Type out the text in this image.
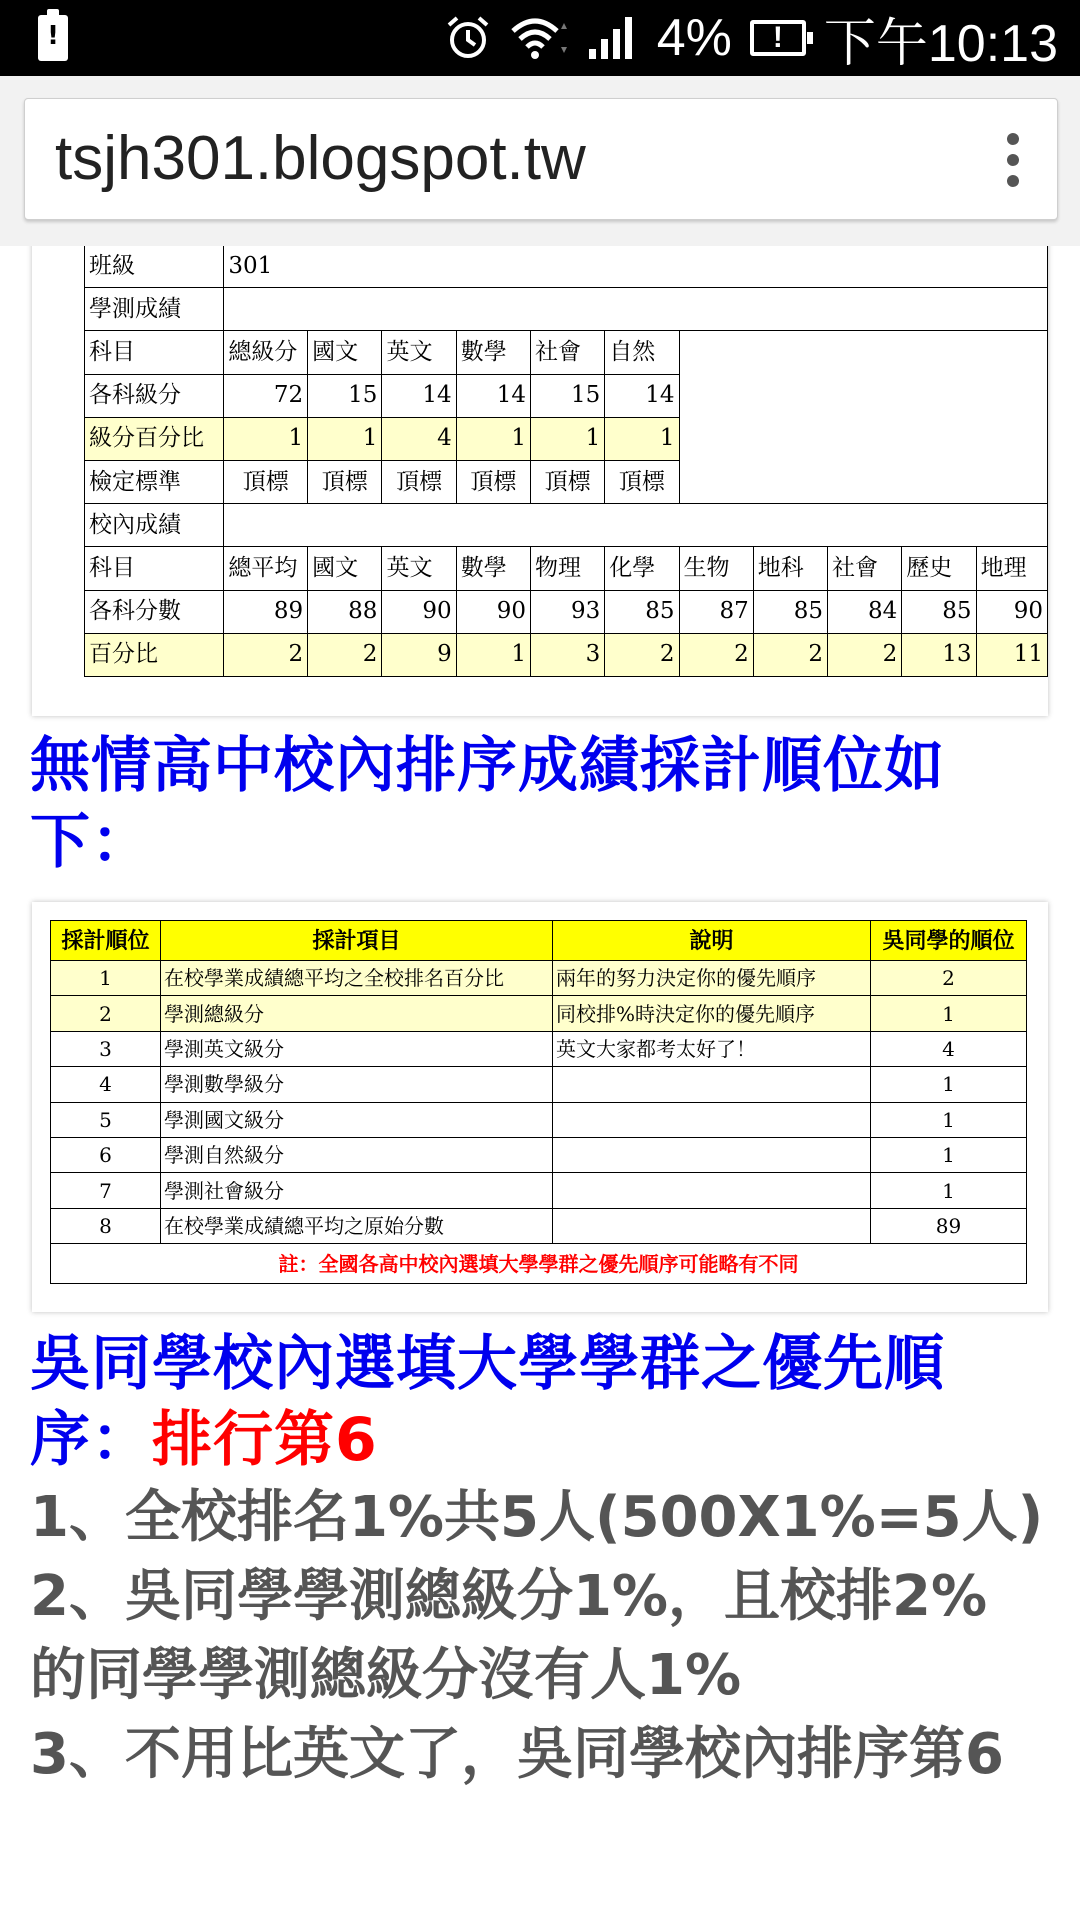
!
4%	! 下午10:13
tsjh301.blogspot.tw
班級	301										
學測成績											
科目	總級分	國文	英文	數學	社會	自然					
各科級分	72	15	14	14	15	14					
級分百分比	1	1	4	1	1	1					
檢定標準	頂標	頂標	頂標	頂標	頂標	頂標					
校內成績											
科目	總平均	國文	英文	數學	物理	化學	生物	地科	社會	歷史	地理
各科分數	89	88	90	90	93	85	87	85	84	85	90
百分比	2	2	9	1	3	2	2	2	2	13	11
無情高中校內排序成績採計順位如下：
採計順位	採計項目	說明	吳同學的順位
1	在校學業成績總平均之全校排名百分比	兩年的努力決定你的優先順序	2
2	學測總級分	同校排%時決定你的優先順序	1
3	學測英文級分	英文大家都考太好了！	4
4	學測數學級分		1
5	學測國文級分		1
6	學測自然級分		1
7	學測社會級分		1
8	在校學業成績總平均之原始分數		89
註：全國各高中校內選填大學學群之優先順序可能略有不同			
吳同學校內選填大學學群之優先順序：排行第6
1、全校排名1%共5人(500X1%=5人)
2、吳同學學測總級分1%，且校排2%的同學學測總級分沒有人1%
3、不用比英文了，吳同學校內排序第6
